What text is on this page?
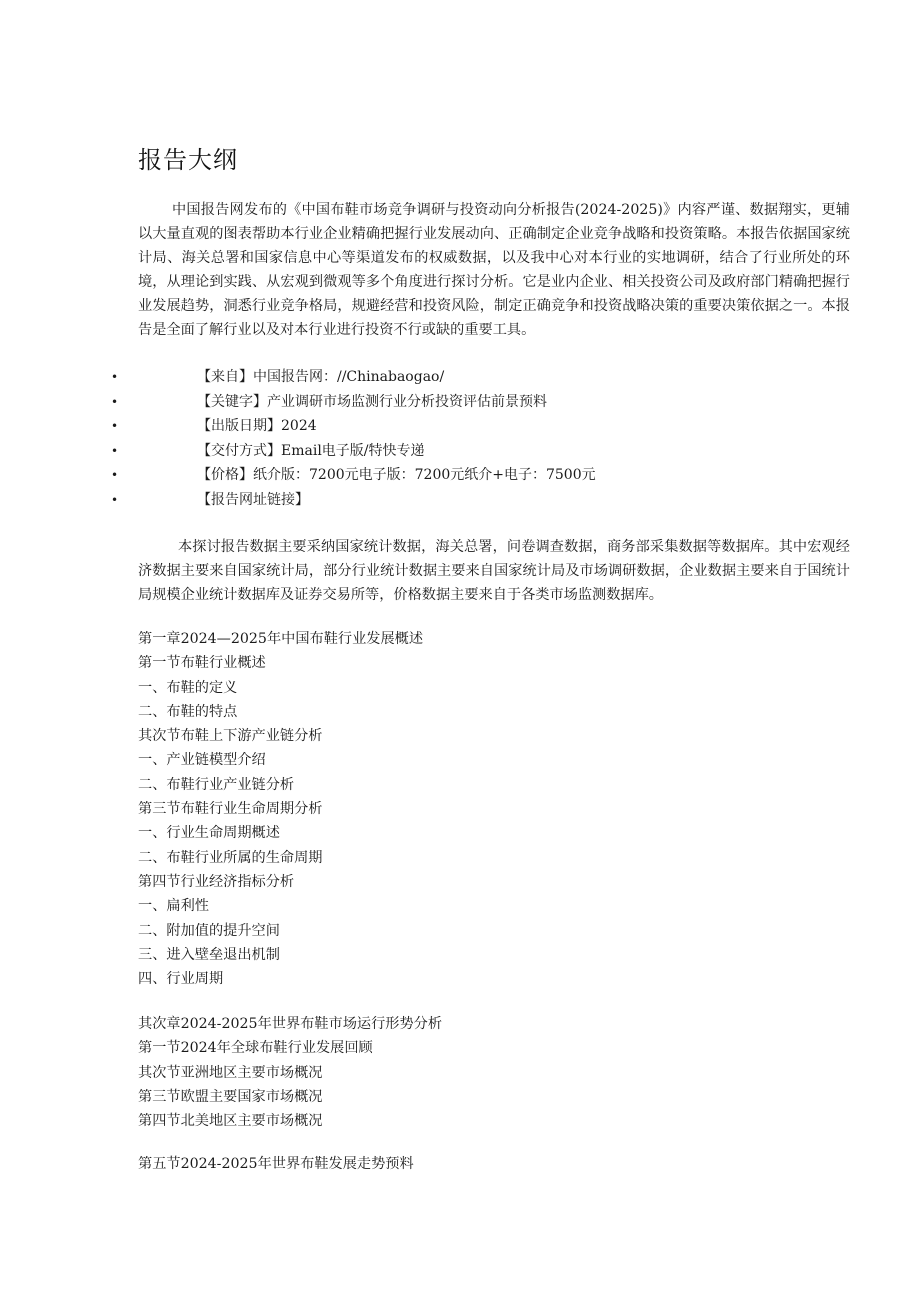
报告大纲

中国报告网发布的《中国布鞋市场竞争调研与投资动向分析报告(2024-2025)》内容严谨、数据翔实，更辅以大量直观的图表帮助本行业企业精确把握行业发展动向、正确制定企业竞争战略和投资策略。本报告依据国家统计局、海关总署和国家信息中心等渠道发布的权威数据，以及我中心对本行业的实地调研，结合了行业所处的环境，从理论到实践、从宏观到微观等多个角度进行探讨分析。它是业内企业、相关投资公司及政府部门精确把握行业发展趋势，洞悉行业竞争格局，规避经营和投资风险，制定正确竞争和投资战略决策的重要决策依据之一。本报告是全面了解行业以及对本行业进行投资不行或缺的重要工具。

•	【来自】中国报告网：//Chinabaogao/
•	【关键字】产业调研市场监测行业分析投资评估前景预料
•	【出版日期】2024
•	【交付方式】Email电子版/特快专递
•	【价格】纸介版：7200元电子版：7200元纸介+电子：7500元
•	【报告网址链接】

本探讨报告数据主要采纳国家统计数据，海关总署，问卷调查数据，商务部采集数据等数据库。其中宏观经济数据主要来自国家统计局，部分行业统计数据主要来自国家统计局及市场调研数据，企业数据主要来自于国统计局规模企业统计数据库及证券交易所等，价格数据主要来自于各类市场监测数据库。

第一章2024—2025年中国布鞋行业发展概述
第一节布鞋行业概述
一、布鞋的定义
二、布鞋的特点
其次节布鞋上下游产业链分析
一、产业链模型介绍
二、布鞋行业产业链分析
第三节布鞋行业生命周期分析
一、行业生命周期概述
二、布鞋行业所属的生命周期
第四节行业经济指标分析
一、扁利性
二、附加值的提升空间
三、进入壁垒退出机制
四、行业周期
其次章2024-2025年世界布鞋市场运行形势分析
第一节2024年全球布鞋行业发展回顾
其次节亚洲地区主要市场概况
第三节欧盟主要国家市场概况
第四节北美地区主要市场概况
第五节2024-2025年世界布鞋发展走势预料
